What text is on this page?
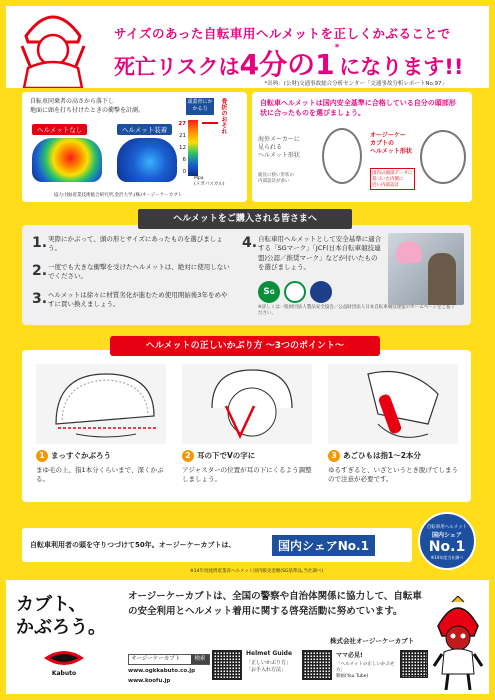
サイズのあった自転車用ヘルメットを正しくかぶることで
死亡リスクは4分の1*になります!!
*出典：(公財)交通事故総合分析センター「交通事故分析レポートNo.97」
自転車同乗者の高さから落下し
地面に頭を打ち付けたときの衝撃を計測。
ヘルメットなし	ヘルメット装着
頭蓋骨にかかる力
27
21
12
6
0
Mpa
(メガパスカル)
骨折のおそれ
協力:(独)産業技術総合研究所,金沢大学,(株)オージーケーカブト
自転車ヘルメットは国内安全基準に合格している自分の頭部形状に合ったものを選びましょう。
海外メーカーに
見られる
ヘルメット形状
縦長に狭い形状の
内部設計が多い
オージーケー
カブトの
ヘルメット形状
国内の頭部データに
基づいた内側に
近い内部設計
1. 実際にかぶって、頭の形とサイズにあったものを選びましょう。
2. 一度でも大きな衝撃を受けたヘルメットは、絶対に使用しないでください。
3. ヘルメットは徐々に材質劣化が進むため使用開始後3年をめやすに買い換えましょう。
4. 自転車用ヘルメットとして安全基準に適合する「SGマーク」「JCF(日本自転車競技連盟)公認／推奨マーク」などが付いたものを選びましょう。
SG
※詳しくは一般財団法人製品安全協会／公益財団法人日本自転車競技連盟のホームページをご覧ください。
ヘルメットをご購入される皆さまへ
1 まっすぐかぶろう
まゆ毛の上、指1本分くらいまで、深くかぶる。
2 耳の下でVの字に
アジャスターの位置が耳の下にくるよう調整しましょう。
3 あごひもは指1〜2本分
ゆるすぎると、いざというとき脱げてしまうので注意が必要です。
ヘルメットの正しいかぶり方 〜3つのポイント〜
自転車利用者の頭を守りつづけて50年。オージーケーカブトは、	国内シェアNo.1
自転車用ヘルメット
国内シェア
No.1
※14年度当社調べ
※14年度経済産業省ヘルメット国内販売金額(SG基準品,当社調べ)
カブト、
かぶろう。
オージーケーカブトは、全国の警察や自治体関係に協力して、自転車の安全利用とヘルメット着用に関する啓発活動に努めています。
株式会社オージーケーカブト
Kabuto
オージーケーカブト	検索
www.ogkkabuto.co.jp
www.koofu.jp
Helmet Guide
「正しいかぶり方」
「お手入れ方法」
ママ必見!
「ヘルメットの正しいかぶせ方」
動画(You Tube)
